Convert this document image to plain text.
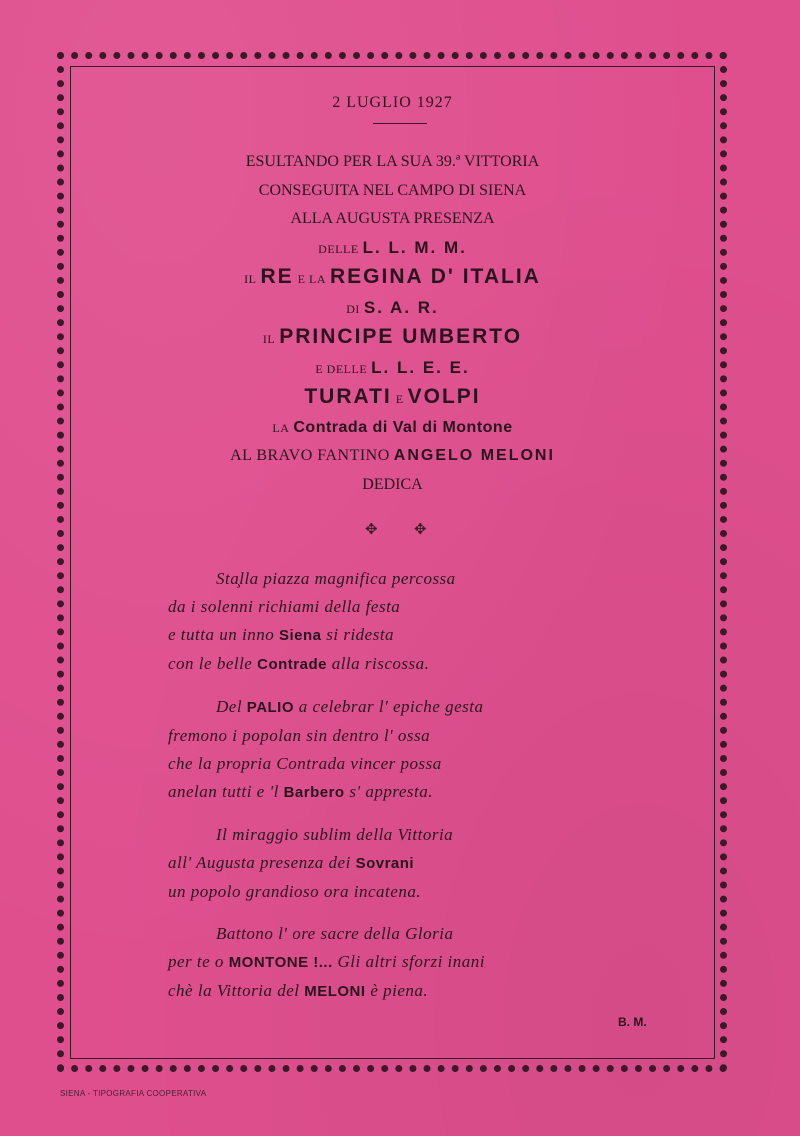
2 LUGLIO 1927
ESULTANDO PER LA SUA 39.ª VITTORIA
CONSEGUITA NEL CAMPO DI SIENA
ALLA AUGUSTA PRESENZA
DELLE L. L. M. M.
IL RE E LA REGINA D' ITALIA
DI S. A. R.
IL PRINCIPE UMBERTO
E DELLE L. L. E. E.
TURATI E VOLPI
LA Contrada di Val di Montone
AL BRAVO FANTINO ANGELO MELONI
DEDICA
✥ ✥
Sta̧lla piazza magnifica percossa
da i solenni richiami della festa
e tutta un inno Siena si ridesta
con le belle Contrade alla riscossa.
Del PALIO a celebrar l' epiche gesta
fremono i popolan sin dentro l' ossa
che la propria Contrada vincer possa
anelan tutti e 'l Barbero s' appresta.
Il miraggio sublim della Vittoria
all' Augusta presenza dei Sovrani
un popolo grandioso ora incatena.
Battono l' ore sacre della Gloria
per te o MONTONE !... Gli altri sforzi inani
chè la Vittoria del MELONI è piena.
B. M.
SIENA - TIPOGRAFIA COOPERATIVA
